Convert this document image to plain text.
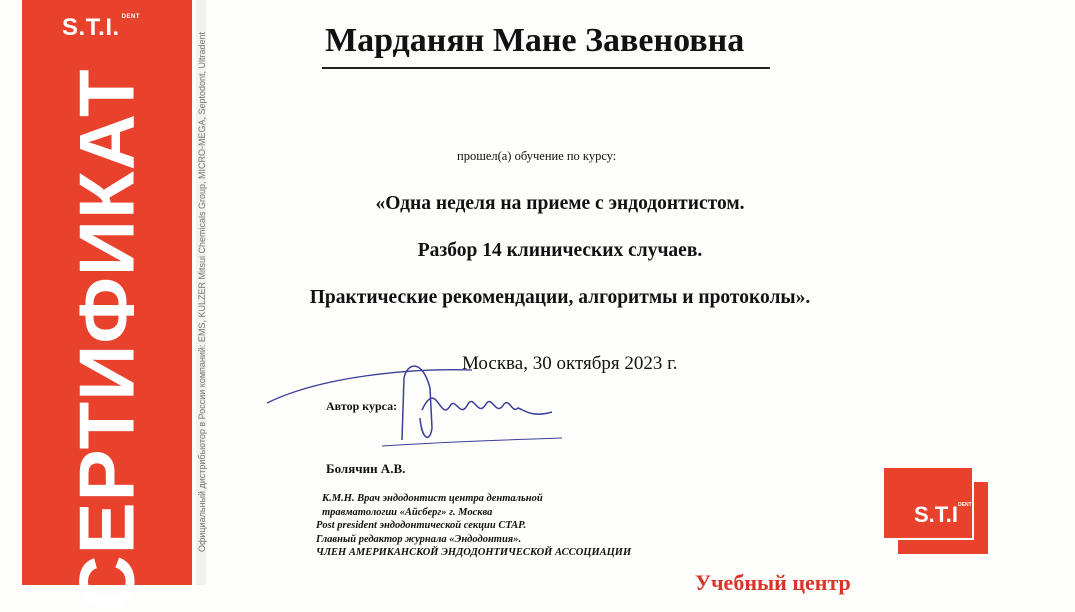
S.T.I. $^{DENT}$
СЕРТИФИКАТ	Официальный дистрибьютор в России компаний: EMS, KULZER Mitsui Chemicals Group, MICRO-MEGA, Septodont, Ultradent	Марданян Мане Завеновна
прошел(а) обучение по курсу:
«Одна неделя на приеме с эндодонтистом.
Разбор 14 клинических случаев.
Практические рекомендации, алгоритмы и протоколы».
Москва, 30 октября 2023 г.
Автор курса:
Болячин А.В.
К.М.Н. Врач эндодонтист центра дентальной
травматологии «Айсберг» г. Москва
Post president эндодонтической секции СТАР.
Главный редактор журнала «Эндодонтия».
ЧЛЕН АМЕРИКАНСКОЙ ЭНДОДОНТИЧЕСКОЙ АССОЦИАЦИИ
$S.T.I^{DENT}$
Учебный центр
